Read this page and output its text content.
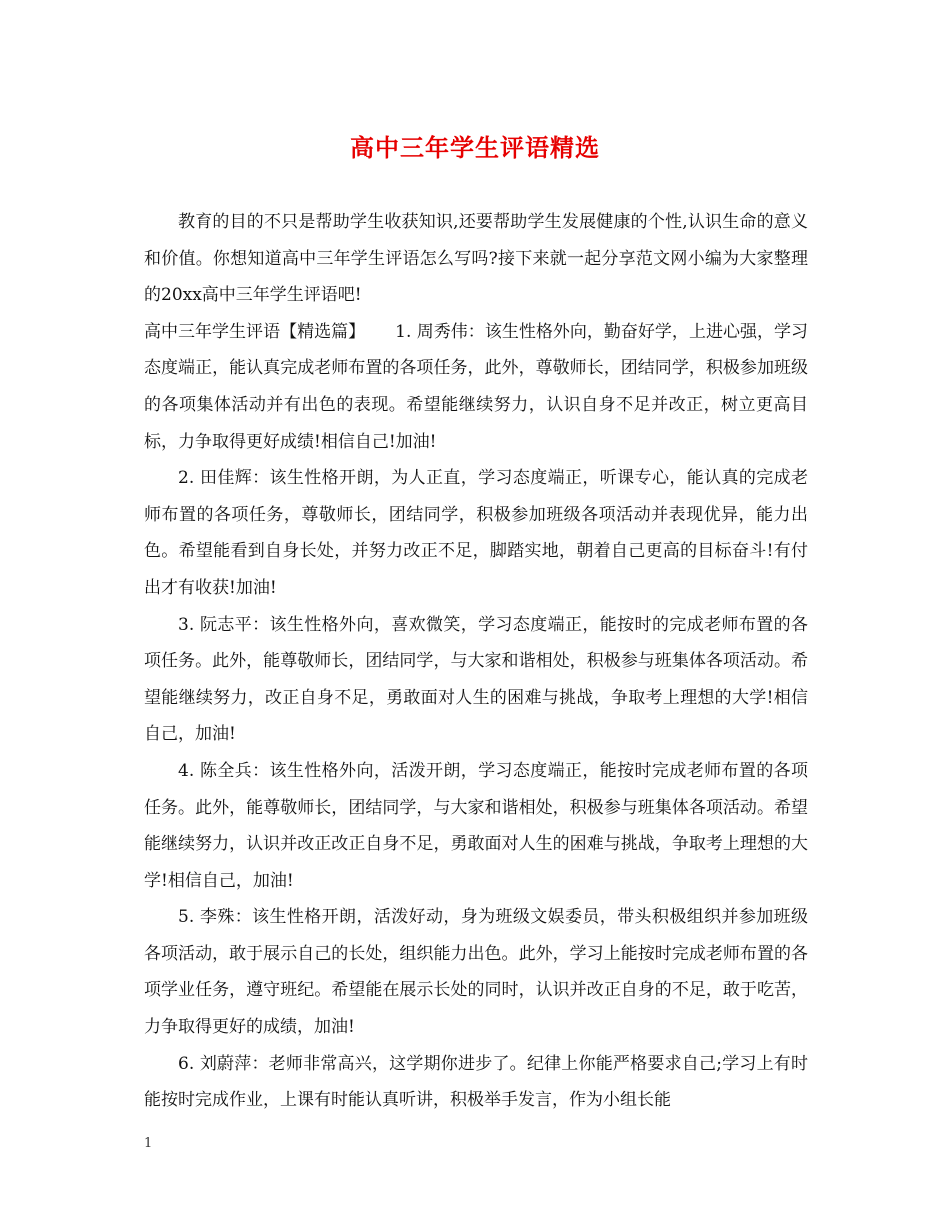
高中三年学生评语精选

教育的目的不只是帮助学生收获知识,还要帮助学生发展健康的个性,认识生命的意义和价值。你想知道高中三年学生评语怎么写吗?接下来就一起分享范文网小编为大家整理的20xx高中三年学生评语吧!

高中三年学生评语【精选篇】 1. 周秀伟：该生性格外向，勤奋好学，上进心强，学习态度端正，能认真完成老师布置的各项任务，此外，尊敬师长，团结同学，积极参加班级的各项集体活动并有出色的表现。希望能继续努力，认识自身不足并改正，树立更高目标，力争取得更好成绩!相信自己!加油!

2. 田佳辉：该生性格开朗，为人正直，学习态度端正，听课专心，能认真的完成老师布置的各项任务，尊敬师长，团结同学，积极参加班级各项活动并表现优异，能力出色。希望能看到自身长处，并努力改正不足，脚踏实地，朝着自己更高的目标奋斗!有付出才有收获!加油!

3. 阮志平：该生性格外向，喜欢微笑，学习态度端正，能按时的完成老师布置的各项任务。此外，能尊敬师长，团结同学，与大家和谐相处，积极参与班集体各项活动。希望能继续努力，改正自身不足，勇敢面对人生的困难与挑战，争取考上理想的大学!相信自己，加油!

4. 陈全兵：该生性格外向，活泼开朗，学习态度端正，能按时完成老师布置的各项任务。此外，能尊敬师长，团结同学，与大家和谐相处，积极参与班集体各项活动。希望能继续努力，认识并改正改正自身不足，勇敢面对人生的困难与挑战，争取考上理想的大学!相信自己，加油!

5. 李殊：该生性格开朗，活泼好动，身为班级文娱委员，带头积极组织并参加班级各项活动，敢于展示自己的长处，组织能力出色。此外，学习上能按时完成老师布置的各项学业任务，遵守班纪。希望能在展示长处的同时，认识并改正自身的不足，敢于吃苦，力争取得更好的成绩，加油!

6. 刘蔚萍：老师非常高兴，这学期你进步了。纪律上你能严格要求自己;学习上有时能按时完成作业，上课有时能认真听讲，积极举手发言，作为小组长能

1
